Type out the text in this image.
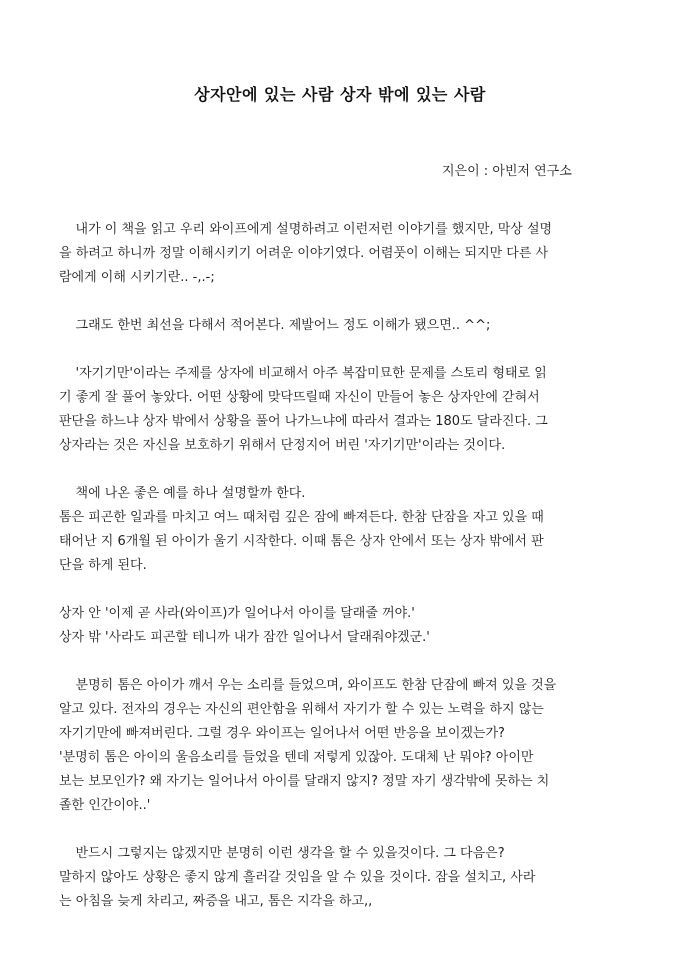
상자안에 있는 사람 상자 밖에 있는 사람
지은이 : 아빈저 연구소
내가 이 책을 읽고 우리 와이프에게 설명하려고 이런저런 이야기를 했지만, 막상 설명
을 하려고 하니까 정말 이해시키기 어려운 이야기였다. 어렴풋이 이해는 되지만 다른 사
람에게 이해 시키기란.. -,.-;
그래도 한번 최선을 다해서 적어본다. 제발어느 정도 이해가 됐으면.. ^^;
'자기기만'이라는 주제를 상자에 비교해서 아주 복잡미묘한 문제를 스토리 형태로 읽
기 좋게 잘 풀어 놓았다. 어떤 상황에 맞닥뜨릴때 자신이 만들어 놓은 상자안에 갇혀서
판단을 하느냐 상자 밖에서 상황을 풀어 나가느냐에 따라서 결과는 180도 달라진다. 그
상자라는 것은 자신을 보호하기 위해서 단정지어 버린 '자기기만'이라는 것이다.
책에 나온 좋은 예를 하나 설명할까 한다.
톰은 피곤한 일과를 마치고 여느 때처럼 깊은 잠에 빠져든다. 한참 단잠을 자고 있을 때
태어난 지 6개월 된 아이가 울기 시작한다. 이때 톰은 상자 안에서 또는 상자 밖에서 판
단을 하게 된다.
상자 안 '이제 곧 사라(와이프)가 일어나서 아이를 달래줄 꺼야.'
상자 밖 '사라도 피곤할 테니까 내가 잠깐 일어나서 달래줘야겠군.'
분명히 톰은 아이가 깨서 우는 소리를 들었으며, 와이프도 한참 단잠에 빠져 있을 것을
알고 있다. 전자의 경우는 자신의 편안함을 위해서 자기가 할 수 있는 노력을 하지 않는
자기기만에 빠져버린다. 그럴 경우 와이프는 일어나서 어떤 반응을 보이겠는가?
'분명히 톰은 아이의 울음소리를 들었을 텐데 저렇게 있잖아. 도대체 난 뭐야? 아이만
보는 보모인가? 왜 자기는 일어나서 아이를 달래지 않지? 정말 자기 생각밖에 못하는 치
졸한 인간이야..'
반드시 그렇지는 않겠지만 분명히 이런 생각을 할 수 있을것이다. 그 다음은?
말하지 않아도 상황은 좋지 않게 흘러갈 것임을 알 수 있을 것이다. 잠을 설치고, 사라
는 아침을 늦게 차리고, 짜증을 내고, 톰은 지각을 하고,,
